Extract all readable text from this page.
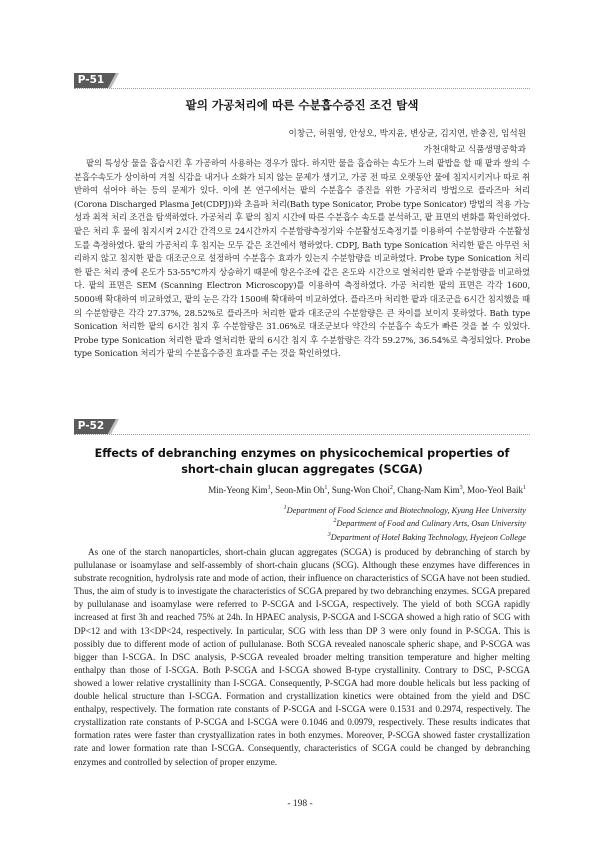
P-51
팥의 가공처리에 따른 수분흡수증진 조건 탐색
이창근, 허원영, 안성오, 박지윤, 변상균, 김지연, 반충진, 임석원
가천대학교 식품생명공학과

팥의 특성상 물을 흡습시킨 후 가공하여 사용하는 경우가 많다. 하지만 물을 흡습하는 속도가 느려 팥밥을 할 때 팥과 쌀의 수분흡수속도가 상이하여 겨칠 식감을 내거나 소화가 되지 않는 문제가 생기고, 가공 전 따로 오랫동안 물에 침지시키거나 따로 취반하여 섞어야 하는 등의 문제가 있다. 이에 본 연구에서는 팥의 수분흡수 증진을 위한 가공처리 방법으로 플라즈마 처리(Corona Discharged Plasma Jet(CDPJ))와 초음파 처리(Bath type Sonicator, Probe type Sonicator) 방법의 적용 가능성과 최적 처리 조건을 탐색하였다. 가공처리 후 팥의 침지 시간에 따른 수분흡수 속도를 분석하고, 팥 표면의 변화를 확인하였다. 팥은 처리 후 물에 침지시켜 2시간 간격으로 24시간까지 수분함량측정기와 수분활성도측정기를 이용하여 수분함량과 수분활성도를 측정하였다. 팥의 가공처리 후 침지는 모두 같은 조건에서 행하였다. CDPJ, Bath type Sonication 처리한 팥은 아무런 처리하지 않고 침지한 팥을 대조군으로 설정하여 수분흡수 효과가 있는지 수분함량을 비교하였다. Probe type Sonication 처리한 팥은 처리 중에 온도가 53-55℃까지 상승하기 때문에 항온수조에 같은 온도와 시간으로 열처리한 팥과 수분함량을 비교하였다. 팥의 표면은 SEM (Scanning Electron Microscopy)를 이용하여 측정하였다. 가공 처리한 팥의 표면은 각각 1600, 5000배 확대하여 비교하였고, 팥의 눈은 각각 1500배 확대하여 비교하였다. 플라즈마 처리한 팥과 대조군을 6시간 침지했을 때의 수분함량은 각각 27.37%, 28.52%로 플라즈마 처리한 팥과 대조군의 수분함량은 큰 차이를 보이지 못하였다. Bath type Sonication 처리한 팥의 6시간 침지 후 수분함량은 31.06%로 대조군보다 약간의 수분흡수 속도가 빠른 것을 볼 수 있었다. Probe type Sonication 처리한 팥과 열처리한 팥의 6시간 침지 후 수분함량은 각각 59.27%, 36.54%로 측정되었다. Probe type Sonication 처리가 팥의 수분흡수증진 효과를 주는 것을 확인하였다.

P-52
Effects of debranching enzymes on physicochemical properties of
short-chain glucan aggregates (SCGA)
Min-Yeong Kim$^1$, Seon-Min Oh$^1$, Sung-Won Choi$^2$, Chang-Nam Kim$^3$, Moo-Yeol Baik$^1$
$^1$Department of Food Science and Biotechnology, Kyung Hee University
$^2$Department of Food and Culinary Arts, Osan University
$^3$Department of Hotel Baking Technology, Hyejeon College

As one of the starch nanoparticles, short-chain glucan aggregates (SCGA) is produced by debranching of starch by pullulanase or isoamylase and self-assembly of short-chain glucans (SCG). Although these enzymes have differences in substrate recognition, hydrolysis rate and mode of action, their influence on characteristics of SCGA have not been studied. Thus, the aim of study is to investigate the characteristics of SCGA prepared by two debranching enzymes. SCGA prepared by pullulanase and isoamylase were referred to P-SCGA and I-SCGA, respectively. The yield of both SCGA rapidly increased at first 3h and reached 75% at 24h. In HPAEC analysis, P-SCGA and I-SCGA showed a high ratio of SCG with DP<12 and with 13<DP<24, respectively. In particular, SCG with less than DP 3 were only found in P-SCGA. This is possibly due to different mode of action of pullulanase. Both SCGA revealed nanoscale spheric shape, and P-SCGA was bigger than I-SCGA. In DSC analysis, P-SCGA revealed broader melting transition temperature and higher melting enthalpy than those of I-SCGA. Both P-SCGA and I-SCGA showed B-type crystallinity. Contrary to DSC, P-SCGA showed a lower relative crystallinity than I-SCGA. Consequently, P-SCGA had more double helicals but less packing of double helical structure than I-SCGA. Formation and crystallization kinetics were obtained from the yield and DSC enthalpy, respectively. The formation rate constants of P-SCGA and I-SCGA were 0.1531 and 0.2974, respectively. The crystallization rate constants of P-SCGA and I-SCGA were 0.1046 and 0.0979, respectively. These results indicates that formation rates were faster than crystyallization rates in both enzymes. Moreover, P-SCGA showed faster crystallization rate and lower formation rate than I-SCGA. Consequently, characteristics of SCGA could be changed by debranching enzymes and controlled by selection of proper enzyme.

- 198 -
